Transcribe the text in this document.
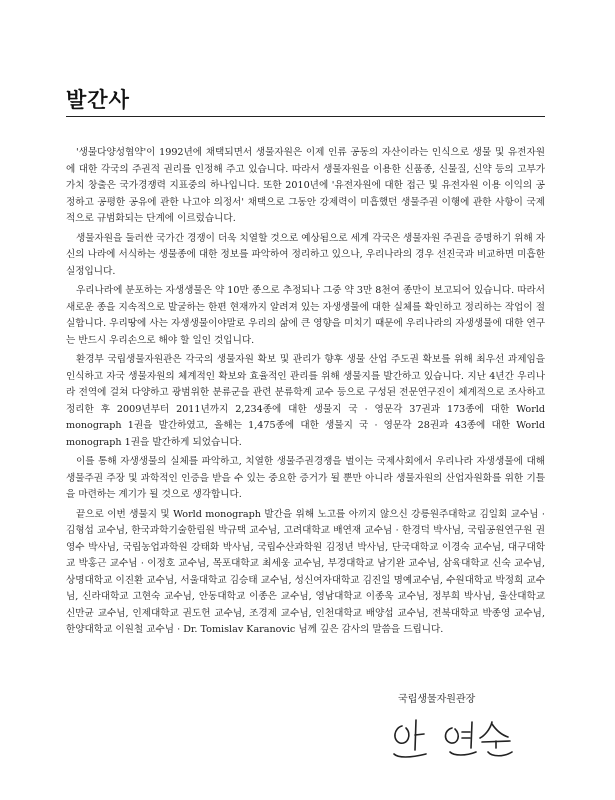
발간사

'생물다양성협약'이 1992년에 채택되면서 생물자원은 이제 인류 공동의 자산이라는 인식으로 생물 및 유전자원에 대한 각국의 주권적 권리를 인정해 주고 있습니다. 따라서 생물자원을 이용한 신품종, 신물질, 신약 등의 고부가가치 창출은 국가경쟁력 지표중의 하나입니다. 또한 2010년에 '유전자원에 대한 접근 및 유전자원 이용 이익의 공정하고 공평한 공유에 관한 나고야 의정서' 채택으로 그동안 강제력이 미흡했던 생물주권 이행에 관한 사항이 국제적으로 규범화되는 단계에 이르렀습니다.

생물자원을 둘러싼 국가간 경쟁이 더욱 치열할 것으로 예상됨으로 세계 각국은 생물자원 주권을 증명하기 위해 자신의 나라에 서식하는 생물종에 대한 정보를 파악하여 정리하고 있으나, 우리나라의 경우 선진국과 비교하면 미흡한 실정입니다.

우리나라에 분포하는 자생생물은 약 10만 종으로 추정되나 그중 약 3만 8천여 종만이 보고되어 있습니다. 따라서 새로운 종을 지속적으로 발굴하는 한편 현재까지 알려져 있는 자생생물에 대한 실체를 확인하고 정리하는 작업이 절실합니다. 우리땅에 사는 자생생물이야말로 우리의 삶에 큰 영향을 미치기 때문에 우리나라의 자생생물에 대한 연구는 반드시 우리손으로 해야 할 일인 것입니다.

환경부 국립생물자원관은 각국의 생물자원 확보 및 관리가 향후 생물 산업 주도권 확보를 위해 최우선 과제임을 인식하고 자국 생물자원의 체계적인 확보와 효율적인 관리를 위해 생물지를 발간하고 있습니다. 지난 4년간 우리나라 전역에 걸쳐 다양하고 광범위한 분류군을 관련 분류학계 교수 등으로 구성된 전문연구진이 체계적으로 조사하고 정리한 후 2009년부터 2011년까지 2,234종에 대한 생물지 국 · 영문각 37권과 173종에 대한 World monograph 1권을 발간하였고, 올해는 1,475종에 대한 생물지 국 · 영문각 28권과 43종에 대한 World monograph 1권을 발간하게 되었습니다.

이를 통해 자생생물의 실체를 파악하고, 치열한 생물주권경쟁을 벌이는 국제사회에서 우리나라 자생생물에 대해 생물주권 주장 및 과학적인 인증을 받을 수 있는 중요한 증거가 될 뿐만 아니라 생물자원의 산업자원화를 위한 기틀을 마련하는 계기가 될 것으로 생각합니다.

끝으로 이번 생물지 및 World monograph 발간을 위해 노고를 아끼지 않으신 강릉원주대학교 김일회 교수님 · 김형섭 교수님, 한국과학기술한림원 박규택 교수님, 고려대학교 배연재 교수님 · 한경덕 박사님, 국립공원연구원 권영수 박사님, 국립농업과학원 강태화 박사님, 국립수산과학원 김정년 박사님, 단국대학교 이경숙 교수님, 대구대학교 박홍근 교수님 · 이정호 교수님, 목포대학교 최세웅 교수님, 부경대학교 남기완 교수님, 삼육대학교 신숙 교수님, 상명대학교 이진환 교수님, 서울대학교 김승태 교수님, 성신여자대학교 김진일 명예교수님, 수원대학교 박정희 교수님, 신라대학교 고현숙 교수님, 안동대학교 이종은 교수님, 영남대학교 이종욱 교수님, 정부희 박사님, 울산대학교 신만균 교수님, 인제대학교 권도헌 교수님, 조경제 교수님, 인천대학교 배양섭 교수님, 전북대학교 박종영 교수님, 한양대학교 이원철 교수님 · Dr. Tomislav Karanovic 님께 깊은 감사의 말씀을 드립니다.

국립생물자원관장
